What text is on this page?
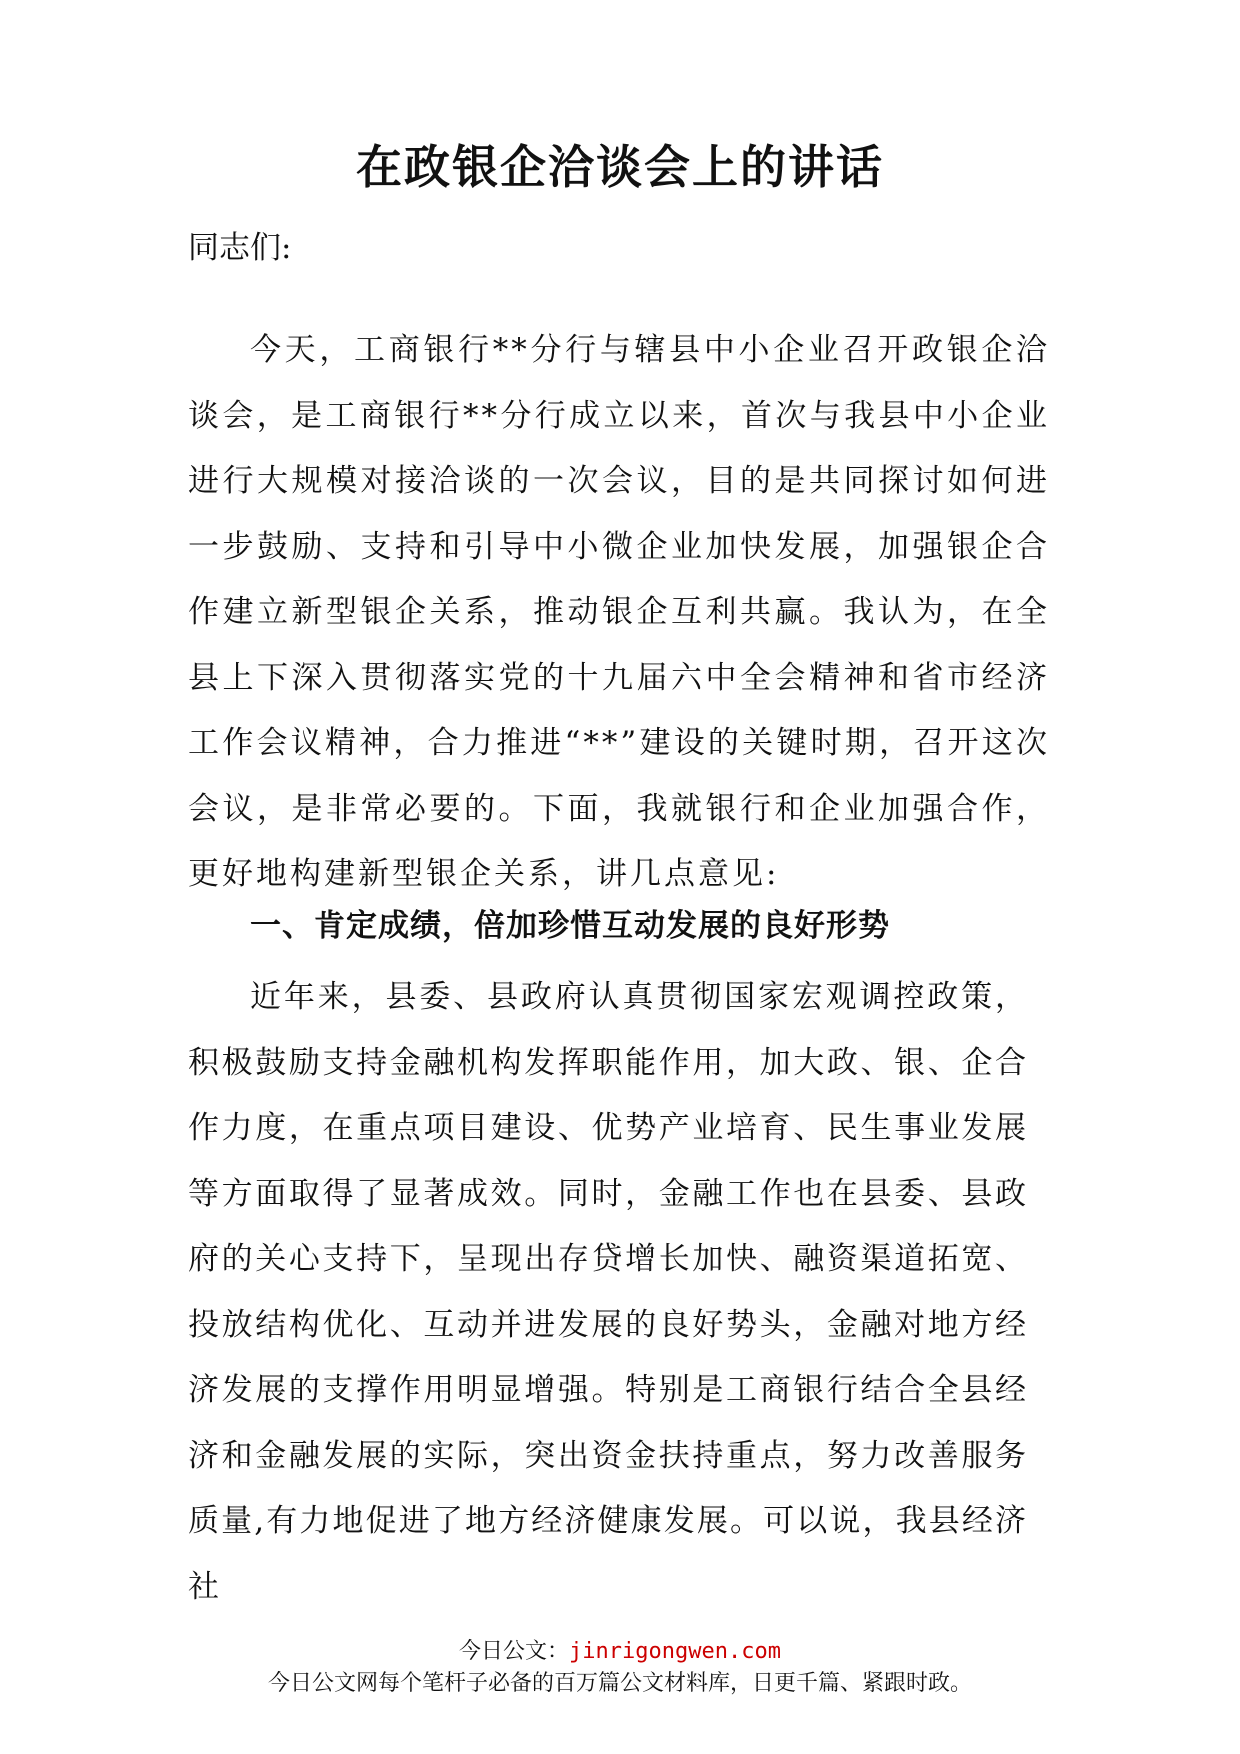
在政银企洽谈会上的讲话
同志们:

今天，工商银行**分行与辖县中小企业召开政银企洽谈会，是工商银行**分行成立以来，首次与我县中小企业进行大规模对接洽谈的一次会议，目的是共同探讨如何进一步鼓励、支持和引导中小微企业加快发展，加强银企合作建立新型银企关系，推动银企互利共赢。我认为，在全县上下深入贯彻落实党的十九届六中全会精神和省市经济工作会议精神，合力推进“**”建设的关键时期，召开这次会议，是非常必要的。下面，我就银行和企业加强合作，更好地构建新型银企关系，讲几点意见:

一、肯定成绩，倍加珍惜互动发展的良好形势

近年来，县委、县政府认真贯彻国家宏观调控政策，积极鼓励支持金融机构发挥职能作用，加大政、银、企合作力度，在重点项目建设、优势产业培育、民生事业发展等方面取得了显著成效。同时，金融工作也在县委、县政府的关心支持下，呈现出存贷增长加快、融资渠道拓宽、投放结构优化、互动并进发展的良好势头，金融对地方经济发展的支撑作用明显增强。特别是工商银行结合全县经济和金融发展的实际，突出资金扶持重点，努力改善服务质量,有力地促进了地方经济健康发展。可以说，我县经济社

今日公文：jinrigongwen.com
今日公文网每个笔杆子必备的百万篇公文材料库，日更千篇、紧跟时政。
